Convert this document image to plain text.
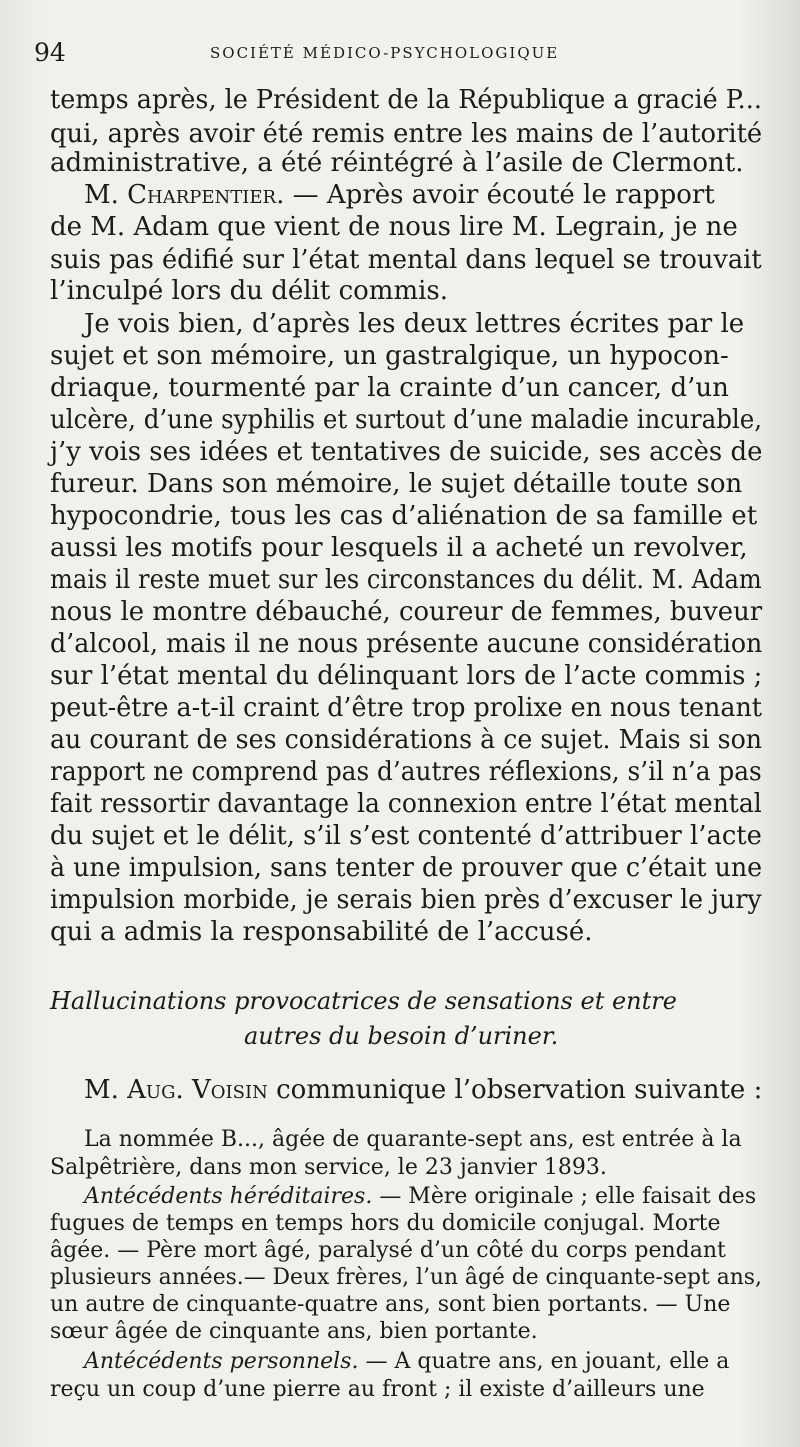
94	SOCIÉTÉ MÉDICO-PSYCHOLOGIQUE
temps après, le Président de la République a gracié P...
qui, après avoir été remis entre les mains de l’autorité
administrative, a été réintégré à l’asile de Clermont.
M. Charpentier. — Après avoir écouté le rapport
de M. Adam que vient de nous lire M. Legrain, je ne
suis pas édifié sur l’état mental dans lequel se trouvait
l’inculpé lors du délit commis.
Je vois bien, d’après les deux lettres écrites par le
sujet et son mémoire, un gastralgique, un hypocon-
driaque, tourmenté par la crainte d’un cancer, d’un
ulcère, d’une syphilis et surtout d’une maladie incurable,
j’y vois ses idées et tentatives de suicide, ses accès de
fureur. Dans son mémoire, le sujet détaille toute son
hypocondrie, tous les cas d’aliénation de sa famille et
aussi les motifs pour lesquels il a acheté un revolver,
mais il reste muet sur les circonstances du délit. M. Adam
nous le montre débauché, coureur de femmes, buveur
d’alcool, mais il ne nous présente aucune considération
sur l’état mental du délinquant lors de l’acte commis ;
peut-être a-t-il craint d’être trop prolixe en nous tenant
au courant de ses considérations à ce sujet. Mais si son
rapport ne comprend pas d’autres réflexions, s’il n’a pas
fait ressortir davantage la connexion entre l’état mental
du sujet et le délit, s’il s’est contenté d’attribuer l’acte
à une impulsion, sans tenter de prouver que c’était une
impulsion morbide, je serais bien près d’excuser le jury
qui a admis la responsabilité de l’accusé.
Hallucinations provocatrices de sensations et entre
autres du besoin d’uriner.
M. Aug. Voisin communique l’observation suivante :
La nommée B..., âgée de quarante-sept ans, est entrée à la
Salpêtrière, dans mon service, le 23 janvier 1893.
Antécédents héréditaires. — Mère originale ; elle faisait des
fugues de temps en temps hors du domicile conjugal. Morte
âgée. — Père mort âgé, paralysé d’un côté du corps pendant
plusieurs années.— Deux frères, l’un âgé de cinquante-sept ans,
un autre de cinquante-quatre ans, sont bien portants. — Une
sœur âgée de cinquante ans, bien portante.
Antécédents personnels. — A quatre ans, en jouant, elle a
reçu un coup d’une pierre au front ; il existe d’ailleurs une
